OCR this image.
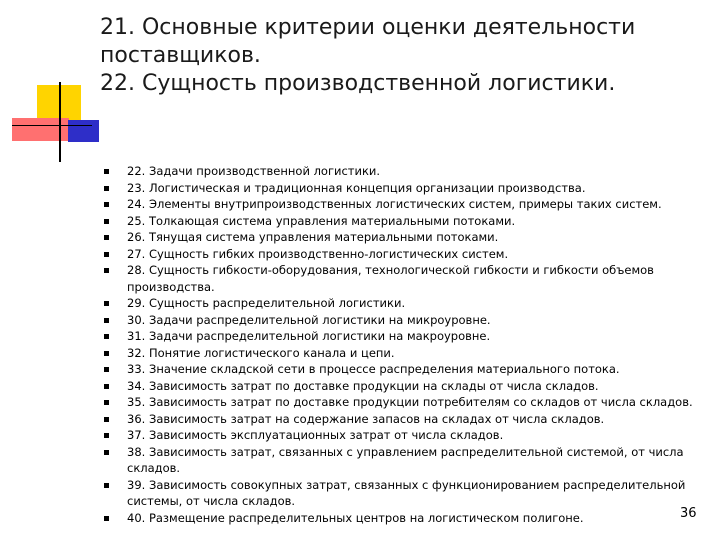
21. Основные критерии оценки деятельности
поставщиков.
22. Сущность производственной логистики.
22. Задачи производственной логистики.
23. Логистическая и традиционная концепция организации производства.
24. Элементы внутрипроизводственных логистических систем, примеры таких систем.
25. Толкающая система управления материальными потоками.
26. Тянущая система управления материальными потоками.
27. Сущность гибких производственно-логистических систем.
28. Сущность гибкости-оборудования, технологической гибкости и гибкости объемов производства.
29. Сущность распределительной логистики.
30. Задачи распределительной логистики на микроуровне.
31. Задачи распределительной логистики на макроуровне.
32. Понятие логистического канала и цепи.
33. Значение складской сети в процессе распределения материального потока.
34. Зависимость затрат по доставке продукции на склады от числа складов.
35. Зависимость затрат по доставке продукции потребителям со складов от числа складов.
36. Зависимость затрат на содержание запасов на складах от числа складов.
37. Зависимость эксплуатационных затрат от числа складов.
38. Зависимость затрат, связанных с управлением распределительной системой, от числа складов.
39. Зависимость совокупных затрат, связанных с функционированием распределительной системы, от числа складов.
40. Размещение распределительных центров на логистическом полигоне.	36
